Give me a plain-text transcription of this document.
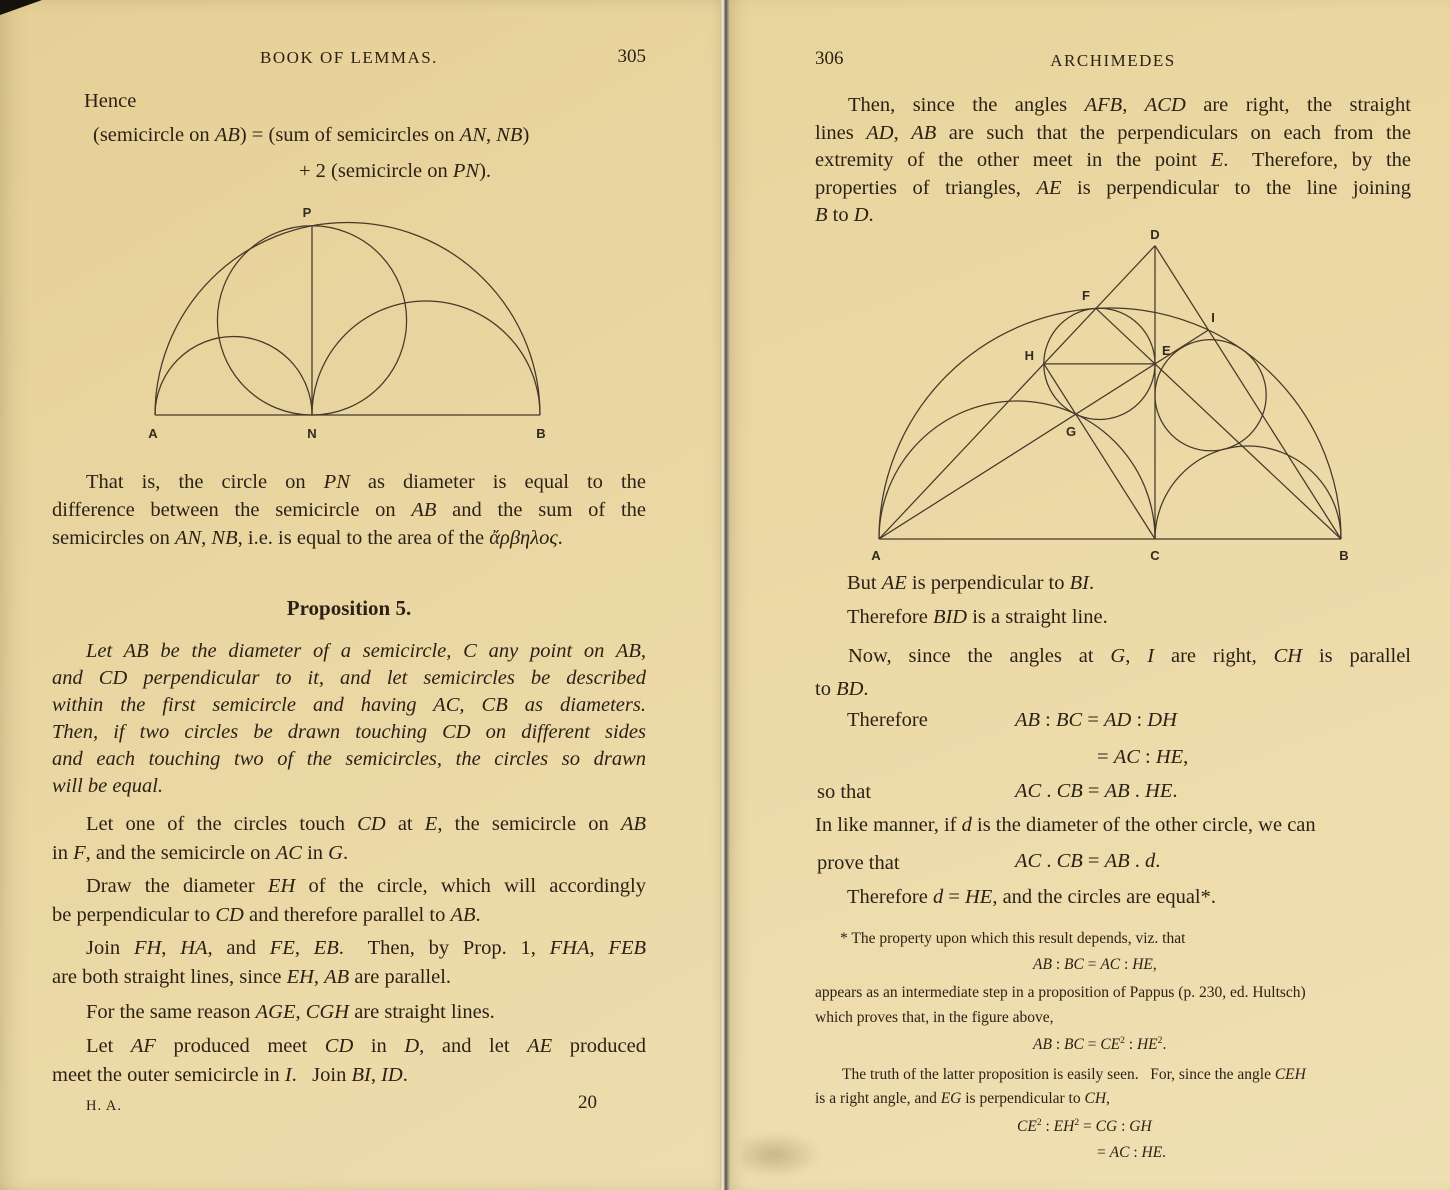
BOOK OF LEMMAS.	305
Hence
(semicircle on AB) = (sum of semicircles on AN, NB)
+ 2 (semicircle on PN).
P
A	N	B
That is, the circle on PN as diameter is equal to the
difference between the semicircle on AB and the sum of the
semicircles on AN, NB, i.e. is equal to the area of the ἄρβηλος.
Proposition 5.
Let AB be the diameter of a semicircle, C any point on AB,
and CD perpendicular to it, and let semicircles be described
within the first semicircle and having AC, CB as diameters.
Then, if two circles be drawn touching CD on different sides
and each touching two of the semicircles, the circles so drawn
will be equal.
Let one of the circles touch CD at E, the semicircle on AB
in F, and the semicircle on AC in G.
Draw the diameter EH of the circle, which will accordingly
be perpendicular to CD and therefore parallel to AB.
Join FH, HA, and FE, EB.  Then, by Prop. 1, FHA, FEB
are both straight lines, since EH, AB are parallel.
For the same reason AGE, CGH are straight lines.
Let AF produced meet CD in D, and let AE produced
meet the outer semicircle in I.  Join BI, ID.
H. A.	20
306	ARCHIMEDES
Then, since the angles AFB, ACD are right, the straight
lines AD, AB are such that the perpendiculars on each from the
extremity of the other meet in the point E.  Therefore, by the
properties of triangles, AE is perpendicular to the line joining
B to D.
D
F
I
H	E
G
A	C	B
But AE is perpendicular to BI.
Therefore BID is a straight line.
Now, since the angles at G, I are right, CH is parallel
to BD.
Therefore	AB : BC = AD : DH
= AC : HE,
so that	AC . CB = AB . HE.
In like manner, if d is the diameter of the other circle, we can
prove that	AC . CB = AB . d.
Therefore d = HE, and the circles are equal*.
* The property upon which this result depends, viz. that
AB : BC = AC : HE,
appears as an intermediate step in a proposition of Pappus (p. 230, ed. Hultsch)
which proves that, in the figure above,
AB : BC = $CE^2$ : $HE^2$.
The truth of the latter proposition is easily seen.  For, since the angle CEH
is a right angle, and EG is perpendicular to CH,
$CE^2$ : $EH^2$ = CG : GH
= AC : HE.
